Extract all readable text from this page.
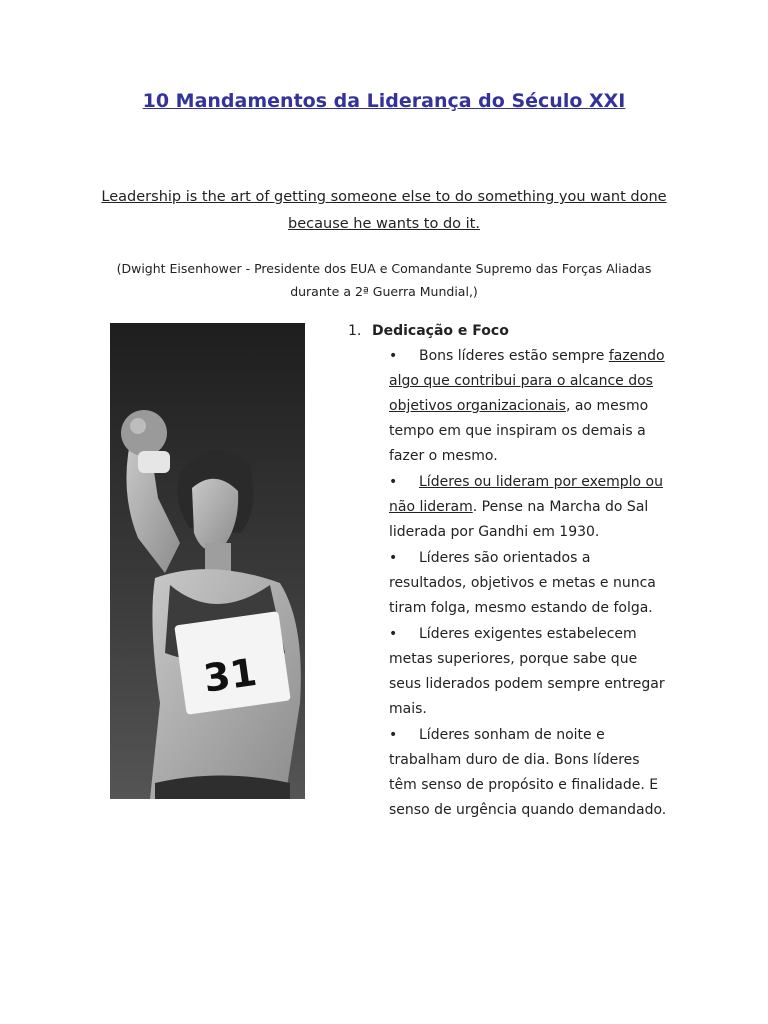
10 Mandamentos da Liderança do Século XXI

Leadership is the art of getting someone else to do something you want done because he wants to do it.

(Dwight Eisenhower - Presidente dos EUA e Comandante Supremo das Forças Aliadas durante a 2ª Guerra Mundial,)

31
1. Dedicação e Foco
•	Bons líderes estão sempre fazendo algo que contribui para o alcance dos objetivos organizacionais, ao mesmo tempo em que inspiram os demais a fazer o mesmo.
•	Líderes ou lideram por exemplo ou não lideram. Pense na Marcha do Sal liderada por Gandhi em 1930.
•	Líderes são orientados a resultados, objetivos e metas e nunca tiram folga, mesmo estando de folga.
•	Líderes exigentes estabelecem metas superiores, porque sabe que seus liderados podem sempre entregar mais.
•	Líderes sonham de noite e trabalham duro de dia. Bons líderes têm senso de propósito e finalidade. E senso de urgência quando demandado.
